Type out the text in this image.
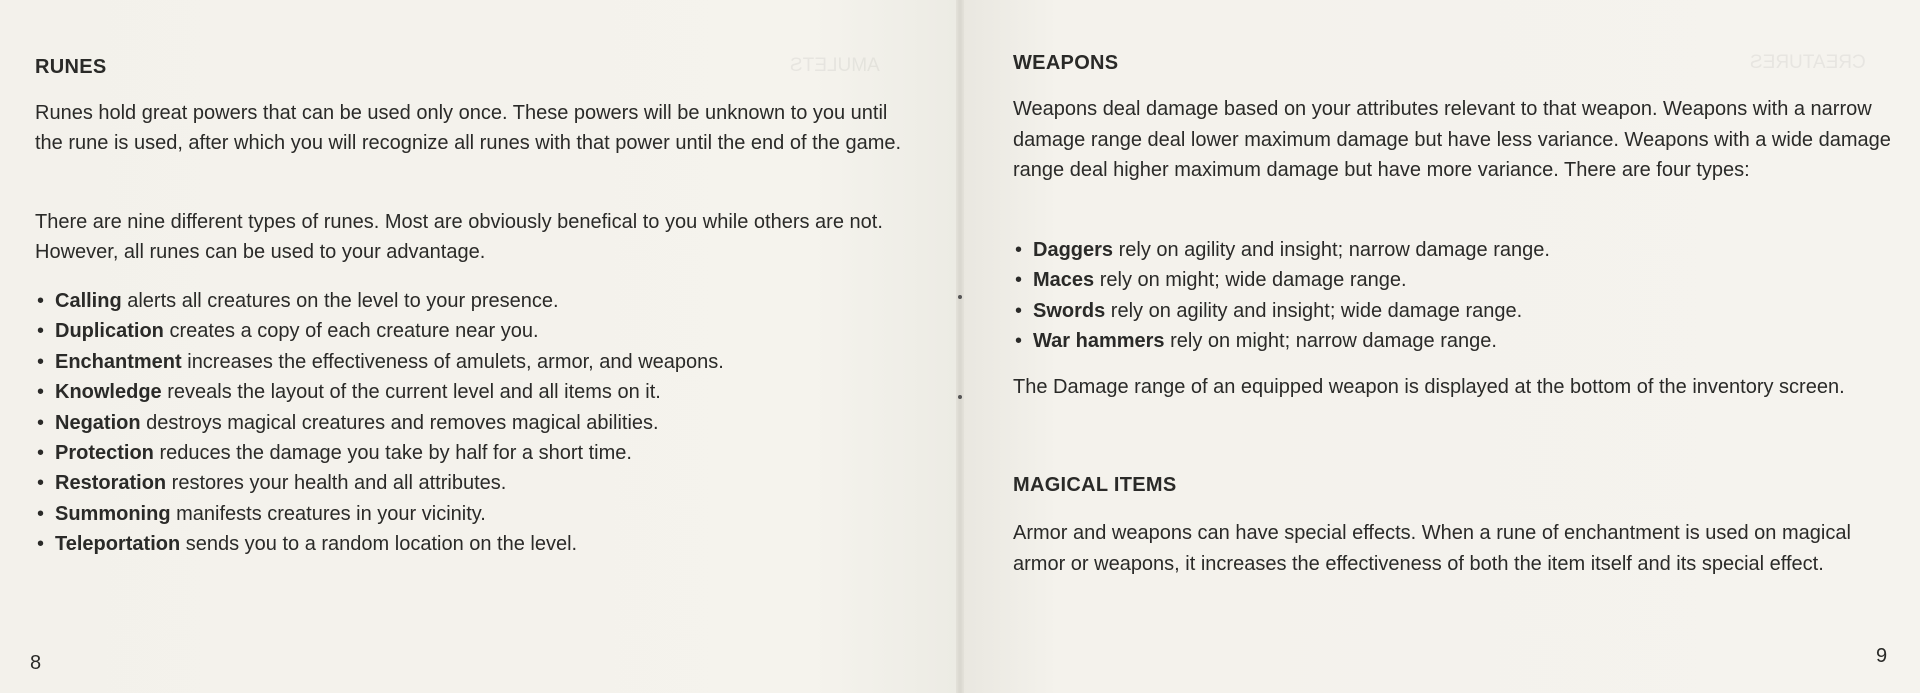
AMULETS	CREATURES
RUNES

Runes hold great powers that can be used only once. These powers will be unknown to you until the rune is used, after which you will recognize all runes with that power until the end of the game.

There are nine different types of runes. Most are obviously benefical to you while others are not. However, all runes can be used to your advantage.

• Calling alerts all creatures on the level to your presence.
• Duplication creates a copy of each creature near you.
• Enchantment increases the effectiveness of amulets, armor, and weapons.
• Knowledge reveals the layout of the current level and all items on it.
• Negation destroys magical creatures and removes magical abilities.
• Protection reduces the damage you take by half for a short time.
• Restoration restores your health and all attributes.
• Summoning manifests creatures in your vicinity.
• Teleportation sends you to a random location on the level.
8
WEAPONS

Weapons deal damage based on your attributes relevant to that weapon. Weapons with a narrow damage range deal lower maximum damage but have less variance. Weapons with a wide damage range deal higher maximum damage but have more variance. There are four types:

• Daggers rely on agility and insight; narrow damage range.
• Maces rely on might; wide damage range.
• Swords rely on agility and insight; wide damage range.
• War hammers rely on might; narrow damage range.

The Damage range of an equipped weapon is displayed at the bottom of the inventory screen.

MAGICAL ITEMS

Armor and weapons can have special effects. When a rune of enchantment is used on magical armor or weapons, it increases the effectiveness of both the item itself and its special effect.

9
